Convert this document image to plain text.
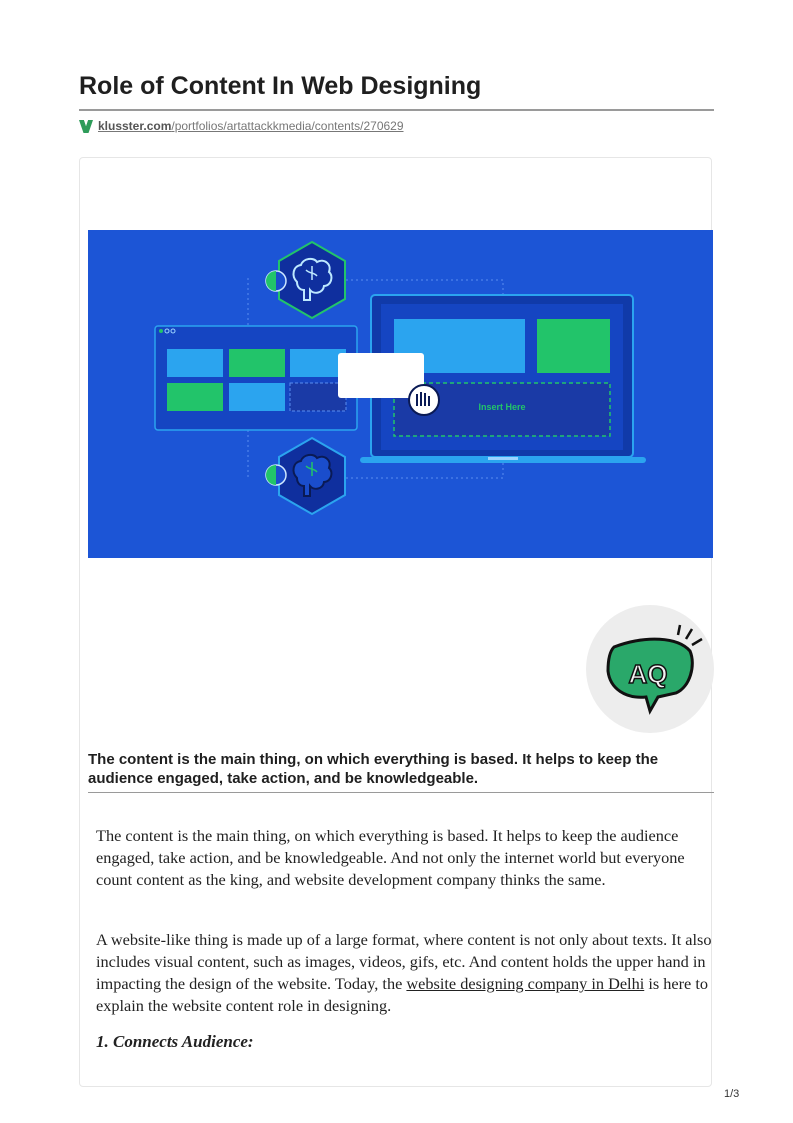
Role of Content In Web Designing
klusster.com/portfolios/artattackkmedia/contents/270629
Insert Here
AQ

The content is the main thing, on which everything is based. It helps to keep the audience engaged, take action, and be knowledgeable.

The content is the main thing, on which everything is based. It helps to keep the audience engaged, take action, and be knowledgeable. And not only the internet world but everyone count content as the king, and website development company thinks the same.

A website-like thing is made up of a large format, where content is not only about texts. It also includes visual content, such as images, videos, gifs, etc. And content holds the upper hand in impacting the design of the website. Today, the website designing company in Delhi is here to explain the website content role in designing.

1. Connects Audience:
1/3
